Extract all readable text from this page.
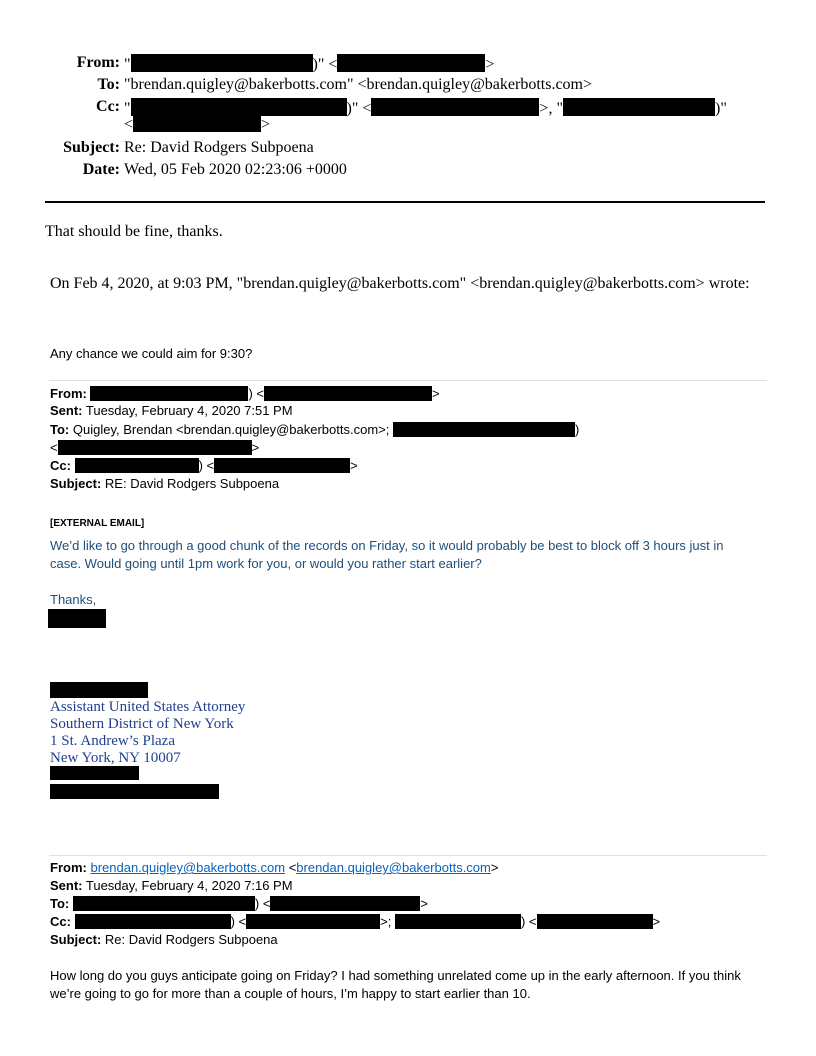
From: "	)" <	>
To: "brendan.quigley@bakerbotts.com" <brendan.quigley@bakerbotts.com>
Cc: "	)" <	>, "	)"
<	>
Subject: Re: David Rodgers Subpoena
Date: Wed, 05 Feb 2020 02:23:06 +0000
That should be fine, thanks.
On Feb 4, 2020, at 9:03 PM, "brendan.quigley@bakerbotts.com" <brendan.quigley@bakerbotts.com> wrote:
Any chance we could aim for 9:30?
From:	) <	>
Sent: Tuesday, February 4, 2020 7:51 PM
To: Quigley, Brendan <brendan.quigley@bakerbotts.com>;	)
<	>
Cc:	) <	>
Subject: RE: David Rodgers Subpoena
[EXTERNAL EMAIL]
We’d like to go through a good chunk of the records on Friday, so it would probably be best to block off 3 hours just in
case. Would going until 1pm work for you, or would you rather start earlier?
Thanks,
Assistant United States Attorney
Southern District of New York
1 St. Andrew’s Plaza
New York, NY 10007
From: brendan.quigley@bakerbotts.com <brendan.quigley@bakerbotts.com>
Sent: Tuesday, February 4, 2020 7:16 PM
To:	) <	>
Cc:	) <	>;	) <	>
Subject: Re: David Rodgers Subpoena
How long do you guys anticipate going on Friday? I had something unrelated come up in the early afternoon. If you think
we’re going to go for more than a couple of hours, I’m happy to start earlier than 10.
